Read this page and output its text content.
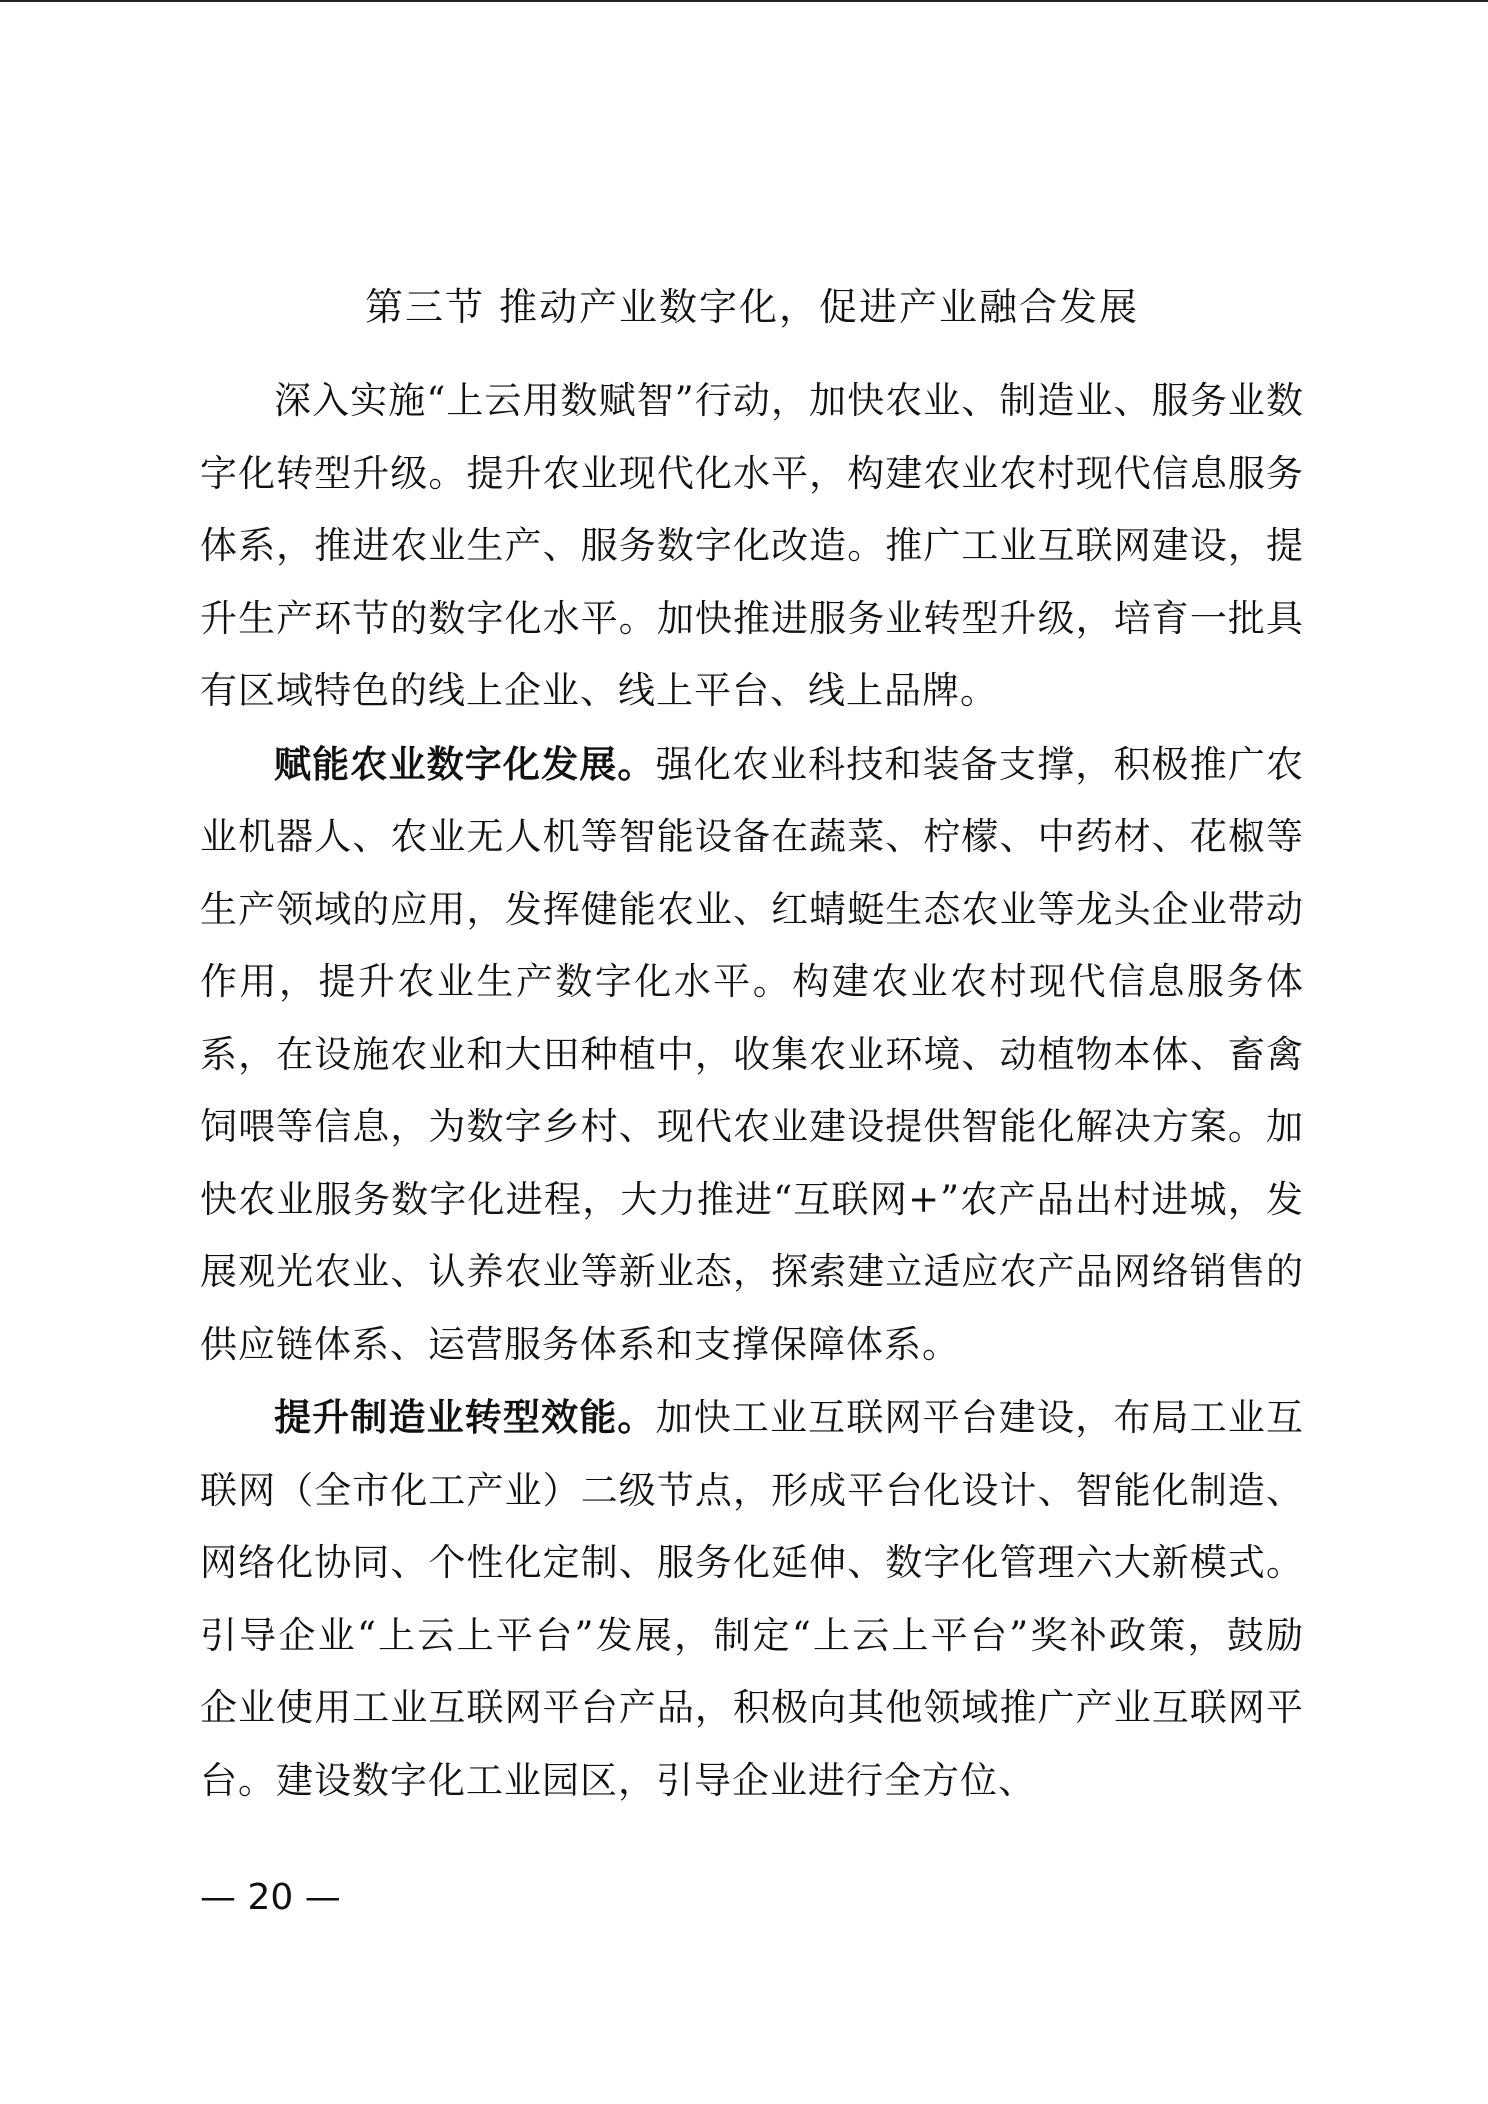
第三节 推动产业数字化，促进产业融合发展

深入实施“上云用数赋智”行动，加快农业、制造业、服务业数字化转型升级。提升农业现代化水平，构建农业农村现代信息服务体系，推进农业生产、服务数字化改造。推广工业互联网建设，提升生产环节的数字化水平。加快推进服务业转型升级，培育一批具有区域特色的线上企业、线上平台、线上品牌。

赋能农业数字化发展。强化农业科技和装备支撑，积极推广农业机器人、农业无人机等智能设备在蔬菜、柠檬、中药材、花椒等生产领域的应用，发挥健能农业、红蜻蜓生态农业等龙头企业带动作用，提升农业生产数字化水平。构建农业农村现代信息服务体系，在设施农业和大田种植中，收集农业环境、动植物本体、畜禽饲喂等信息，为数字乡村、现代农业建设提供智能化解决方案。加快农业服务数字化进程，大力推进“互联网+”农产品出村进城，发展观光农业、认养农业等新业态，探索建立适应农产品网络销售的供应链体系、运营服务体系和支撑保障体系。

提升制造业转型效能。加快工业互联网平台建设，布局工业互联网（全市化工产业）二级节点，形成平台化设计、智能化制造、网络化协同、个性化定制、服务化延伸、数字化管理六大新模式。引导企业“上云上平台”发展，制定“上云上平台”奖补政策，鼓励企业使用工业互联网平台产品，积极向其他领域推广产业互联网平台。建设数字化工业园区，引导企业进行全方位、

— 20 —
